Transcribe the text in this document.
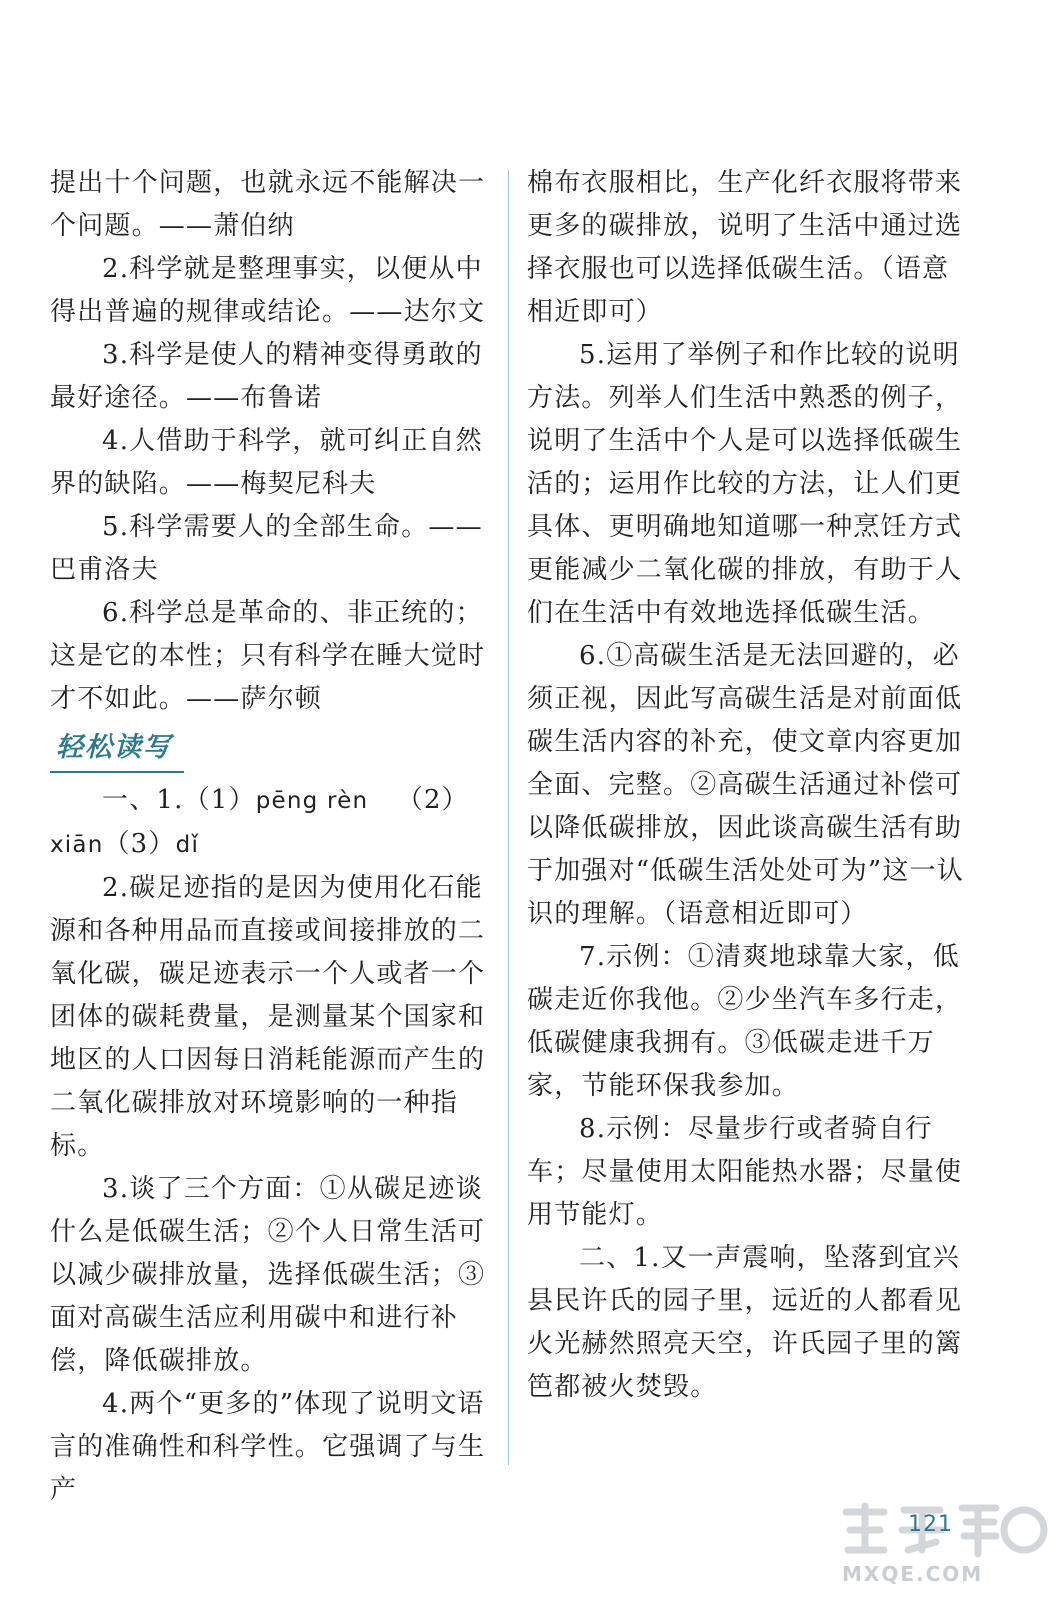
提出十个问题，也就永远不能解决一个问题。——萧伯纳

2.科学就是整理事实，以便从中得出普遍的规律或结论。——达尔文

3.科学是使人的精神变得勇敢的最好途径。——布鲁诺

4.人借助于科学，就可纠正自然界的缺陷。——梅契尼科夫

5.科学需要人的全部生命。——巴甫洛夫

6.科学总是革命的、非正统的；这是它的本性；只有科学在睡大觉时才不如此。——萨尔顿

轻松读写

一、1.（1）pēng rèn （2）xiān（3）dǐ

2.碳足迹指的是因为使用化石能源和各种用品而直接或间接排放的二氧化碳，碳足迹表示一个人或者一个团体的碳耗费量，是测量某个国家和地区的人口因每日消耗能源而产生的二氧化碳排放对环境影响的一种指标。

3.谈了三个方面：①从碳足迹谈什么是低碳生活；②个人日常生活可以减少碳排放量，选择低碳生活；③面对高碳生活应利用碳中和进行补偿，降低碳排放。

4.两个“更多的”体现了说明文语言的准确性和科学性。它强调了与生产

棉布衣服相比，生产化纤衣服将带来更多的碳排放，说明了生活中通过选择衣服也可以选择低碳生活。（语意相近即可）

5.运用了举例子和作比较的说明方法。列举人们生活中熟悉的例子，说明了生活中个人是可以选择低碳生活的；运用作比较的方法，让人们更具体、更明确地知道哪一种烹饪方式更能减少二氧化碳的排放，有助于人们在生活中有效地选择低碳生活。

6.①高碳生活是无法回避的，必须正视，因此写高碳生活是对前面低碳生活内容的补充，使文章内容更加全面、完整。②高碳生活通过补偿可以降低碳排放，因此谈高碳生活有助于加强对“低碳生活处处可为”这一认识的理解。（语意相近即可）

7.示例：①清爽地球靠大家，低碳走近你我他。②少坐汽车多行走，低碳健康我拥有。③低碳走进千万家，节能环保我参加。

8.示例：尽量步行或者骑自行车；尽量使用太阳能热水器；尽量使用节能灯。

二、1.又一声震响，坠落到宜兴县民许氏的园子里，远近的人都看见火光赫然照亮天空，许氏园子里的篱笆都被火焚毁。

MXQE.COM
121
